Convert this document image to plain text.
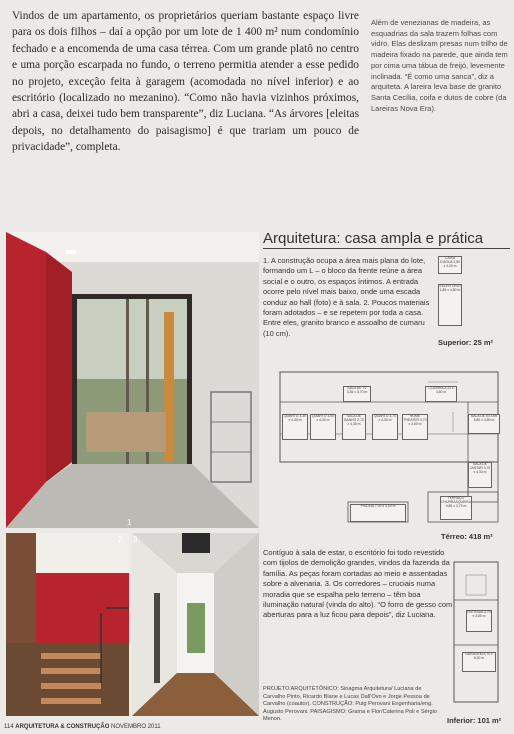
Vindos de um apartamento, os proprietários queriam bastante espaço livre para os dois filhos – daí a opção por um lote de 1 400 m² num condomínio fechado e a encomenda de uma casa térrea. Com um grande platô no centro e uma porção escarpada no fundo, o terreno permitia atender a esse pedido no projeto, exceção feita à garagem (acomodada no nível inferior) e ao escritório (localizado no mezanino). “Como não havia vizinhos próximos, abri a casa, deixei tudo bem transparente”, diz Luciana. “As árvores [eleitas depois, no detalhamento do paisagismo] é que trariam um pouco de privacidade”, completa.

Além de venezianas de madeira, as esquadrias da sala trazem folhas com vidro. Elas deslizam presas num trilho de madeira fixado na parede, que ainda tem por cima uma tábua de freijó, levemente inclinada. “É como uma sanca”, diz a arquiteta. A lareira leva base de granito Santa Cecília, coifa e dutos de cobre (da Lareiras Nova Era).
1
2 3
Arquitetura: casa ampla e prática
1. A construção ocupa a área mais plana do lote, formando um L – o bloco da frente reúne a área social e o outro, os espaços íntimos. A entrada ocorre pelo nível mais baixo, onde uma escada conduz ao hall (foto) e à sala. 2. Poucos materiais foram adotados – e se repetem por toda a casa. Entre eles, granito branco e assoalho de cumaru (10 cm).
CAIXA D'ÁGUA 2,80 x 4,00 m
ESCRITÓRIO 1,85 x 4,80 m
Superior: 25 m²
SALA DE TV 3,36 x 3,70 m
COZINHA 3,22 x 3,60 m
QUARTO 3,30 x 4,30 m
QUARTO 3,40 x 4,30 m
SALA DE BANHO 2,70 x 4,35 m
QUARTO 3,70 x 4,30 m
HOME THEATER 3,70 x 3,60 m
SALA DE ESTAR 6,80 x 4,80 m
SALA DE JANTAR 3,75 x 4,00 m
TERRAÇO CHURRASQUEIRA 4,85 x 3,75 m
PISCINA 7,00 x 3,00 m
Térreo: 418 m²
Contíguo à sala de estar, o escritório foi todo revestido com tijolos de demolição grandes, vindos da fazenda da família. As peças foram cortadas ao meio e assentadas sobre a alvenaria. 3. Os corredores – cruciais numa moradia que se espalha pelo terreno – têm boa iluminação natural (vinda do alto). “O forro de gesso com aberturas para a luz ficou para depois”, diz Luciana.	ENTRADA 3,70 x 3,80 m
GARAGEM 5,70 x 6,20 m
Inferior: 101 m²
PROJETO ARQUITETÔNICO: Sinagma Arquitetura/ Luciana de Carvalho Pinto, Ricardo Blane e Lucas Dall'Ovo e Jorge Pessoa de Carvalho (coautor). CONSTRUÇÃO: Puig Perovani Engenharia/eng. Augusto Perovani. PAISAGISMO: Grama e Flor/Caterina Poli e Sérgio Menon.
114 ARQUITETURA & CONSTRUÇÃO NOVEMBRO 2011
